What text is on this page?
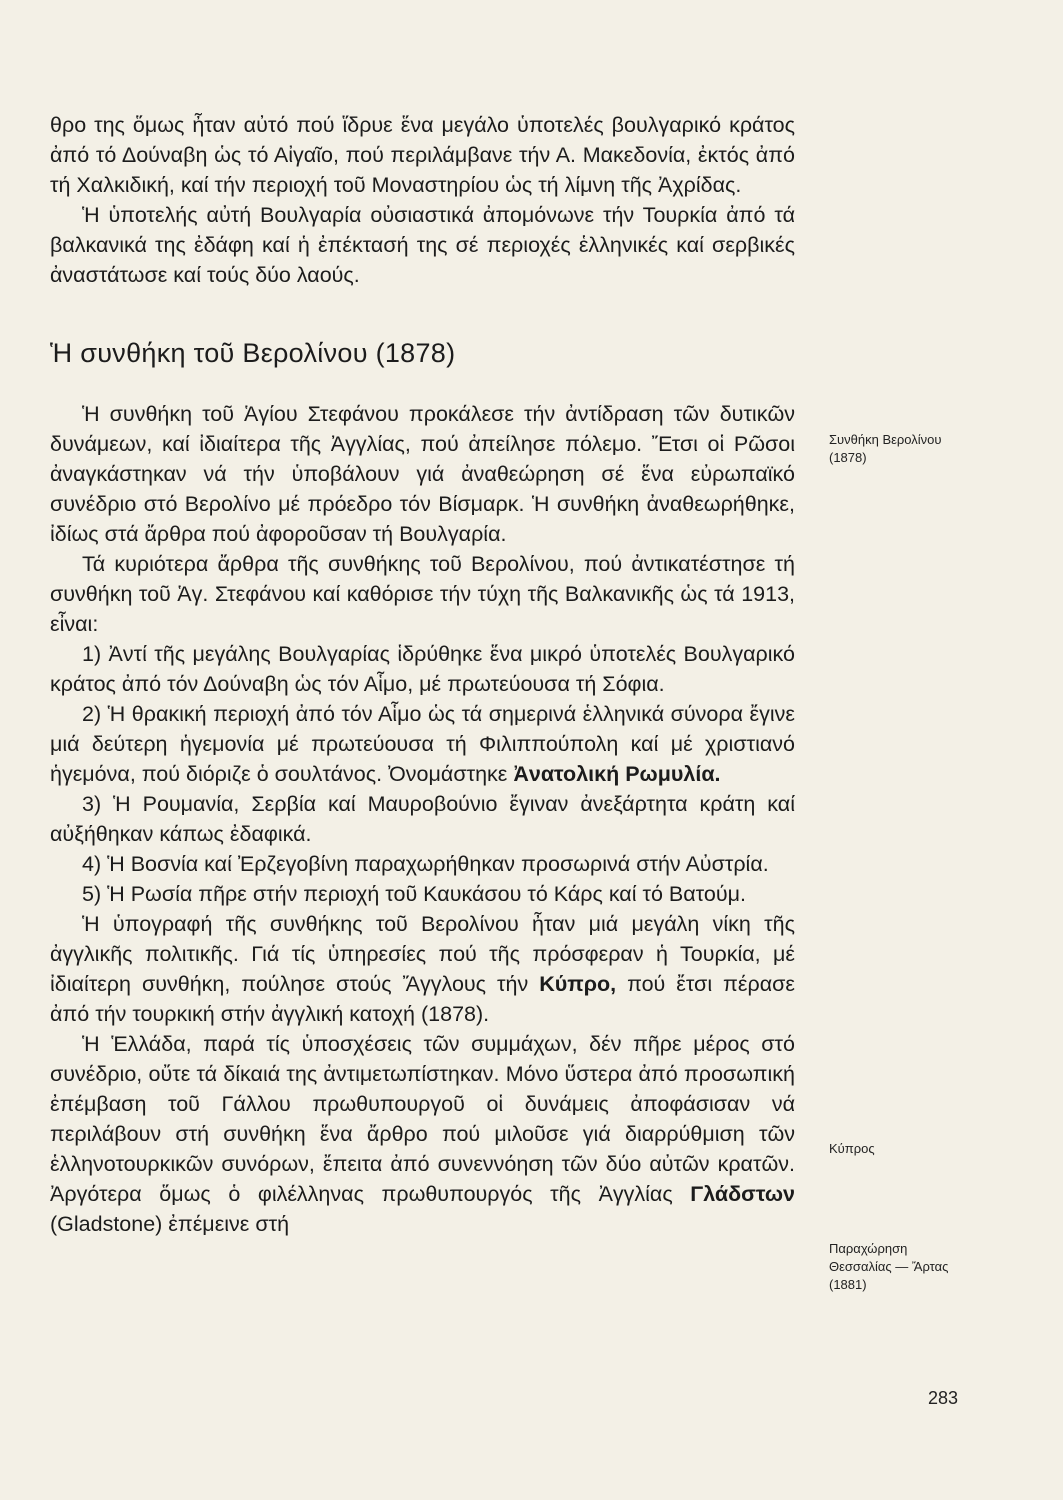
θρο της ὅμως ἦταν αὐτό πού ἵδρυε ἕνα μεγάλο ὑποτελές βουλγαρικό κράτος ἀπό τό Δούναβη ὡς τό Αἰγαῖο, πού περιλάμβανε τήν Α. Μακεδονία, ἐκτός ἀπό τή Χαλκιδική, καί τήν περιοχή τοῦ Μοναστηρίου ὡς τή λίμνη τῆς Ἀχρίδας.

Ἡ ὑποτελής αὐτή Βουλγαρία οὐσιαστικά ἀπομόνωνε τήν Τουρκία ἀπό τά βαλκανικά της ἐδάφη καί ἡ ἐπέκτασή της σέ περιοχές ἑλληνικές καί σερβικές ἀναστάτωσε καί τούς δύο λαούς.

Ἡ συνθήκη τοῦ Βερολίνου (1878)

Ἡ συνθήκη τοῦ Ἁγίου Στεφάνου προκάλεσε τήν ἀντίδραση τῶν δυτικῶν δυνάμεων, καί ἰδιαίτερα τῆς Ἀγγλίας, πού ἀπείλησε πόλεμο. Ἔτσι οἱ Ρῶσοι ἀναγκάστηκαν νά τήν ὑποβάλουν γιά ἀναθεώρηση σέ ἕνα εὐρωπαϊκό συνέδριο στό Βερολίνο μέ πρόεδρο τόν Βίσμαρκ. Ἡ συνθήκη ἀναθεωρήθηκε, ἰδίως στά ἄρθρα πού ἀφοροῦσαν τή Βουλγαρία.

Τά κυριότερα ἄρθρα τῆς συνθήκης τοῦ Βερολίνου, πού ἀντικατέστησε τή συνθήκη τοῦ Ἁγ. Στεφάνου καί καθόρισε τήν τύχη τῆς Βαλκανικῆς ὡς τά 1913, εἶναι:

1) Ἀντί τῆς μεγάλης Βουλγαρίας ἱδρύθηκε ἕνα μικρό ὑποτελές Βουλγαρικό κράτος ἀπό τόν Δούναβη ὡς τόν Αἷμο, μέ πρωτεύουσα τή Σόφια.

2) Ἡ θρακική περιοχή ἀπό τόν Αἷμο ὡς τά σημερινά ἑλληνικά σύνορα ἔγινε μιά δεύτερη ἡγεμονία μέ πρωτεύουσα τή Φιλιππούπολη καί μέ χριστιανό ἡγεμόνα, πού διόριζε ὁ σουλτάνος. Ὀνομάστηκε Ἀνατολική Ρωμυλία.

3) Ἡ Ρουμανία, Σερβία καί Μαυροβούνιο ἔγιναν ἀνεξάρτητα κράτη καί αὐξήθηκαν κάπως ἐδαφικά.

4) Ἡ Βοσνία καί Ἐρζεγοβίνη παραχωρήθηκαν προσωρινά στήν Αὐστρία.

5) Ἡ Ρωσία πῆρε στήν περιοχή τοῦ Καυκάσου τό Κάρς καί τό Βατούμ.

Ἡ ὑπογραφή τῆς συνθήκης τοῦ Βερολίνου ἦταν μιά μεγάλη νίκη τῆς ἀγγλικῆς πολιτικῆς. Γιά τίς ὑπηρεσίες πού τῆς πρόσφεραν ἡ Τουρκία, μέ ἰδιαίτερη συνθήκη, πούλησε στούς Ἄγγλους τήν Κύπρο, πού ἔτσι πέρασε ἀπό τήν τουρκική στήν ἀγγλική κατοχή (1878).

Ἡ Ἑλλάδα, παρά τίς ὑποσχέσεις τῶν συμμάχων, δέν πῆρε μέρος στό συνέδριο, οὔτε τά δίκαιά της ἀντιμετωπίστηκαν. Μόνο ὕστερα ἀπό προσωπική ἐπέμβαση τοῦ Γάλλου πρωθυπουργοῦ οἱ δυνάμεις ἀποφάσισαν νά περιλάβουν στή συνθήκη ἕνα ἄρθρο πού μιλοῦσε γιά διαρρύθμιση τῶν ἑλληνοτουρκικῶν συνόρων, ἔπειτα ἀπό συνεννόηση τῶν δύο αὐτῶν κρατῶν. Ἀργότερα ὅμως ὁ φιλέλληνας πρωθυπουργός τῆς Ἀγγλίας Γλάδστων (Gladstone) ἐπέμεινε στή

Συνθήκη Βερολίνου
(1878)
Κύπρος
Παραχώρηση
Θεσσαλίας — Ἄρτας
(1881)
283
